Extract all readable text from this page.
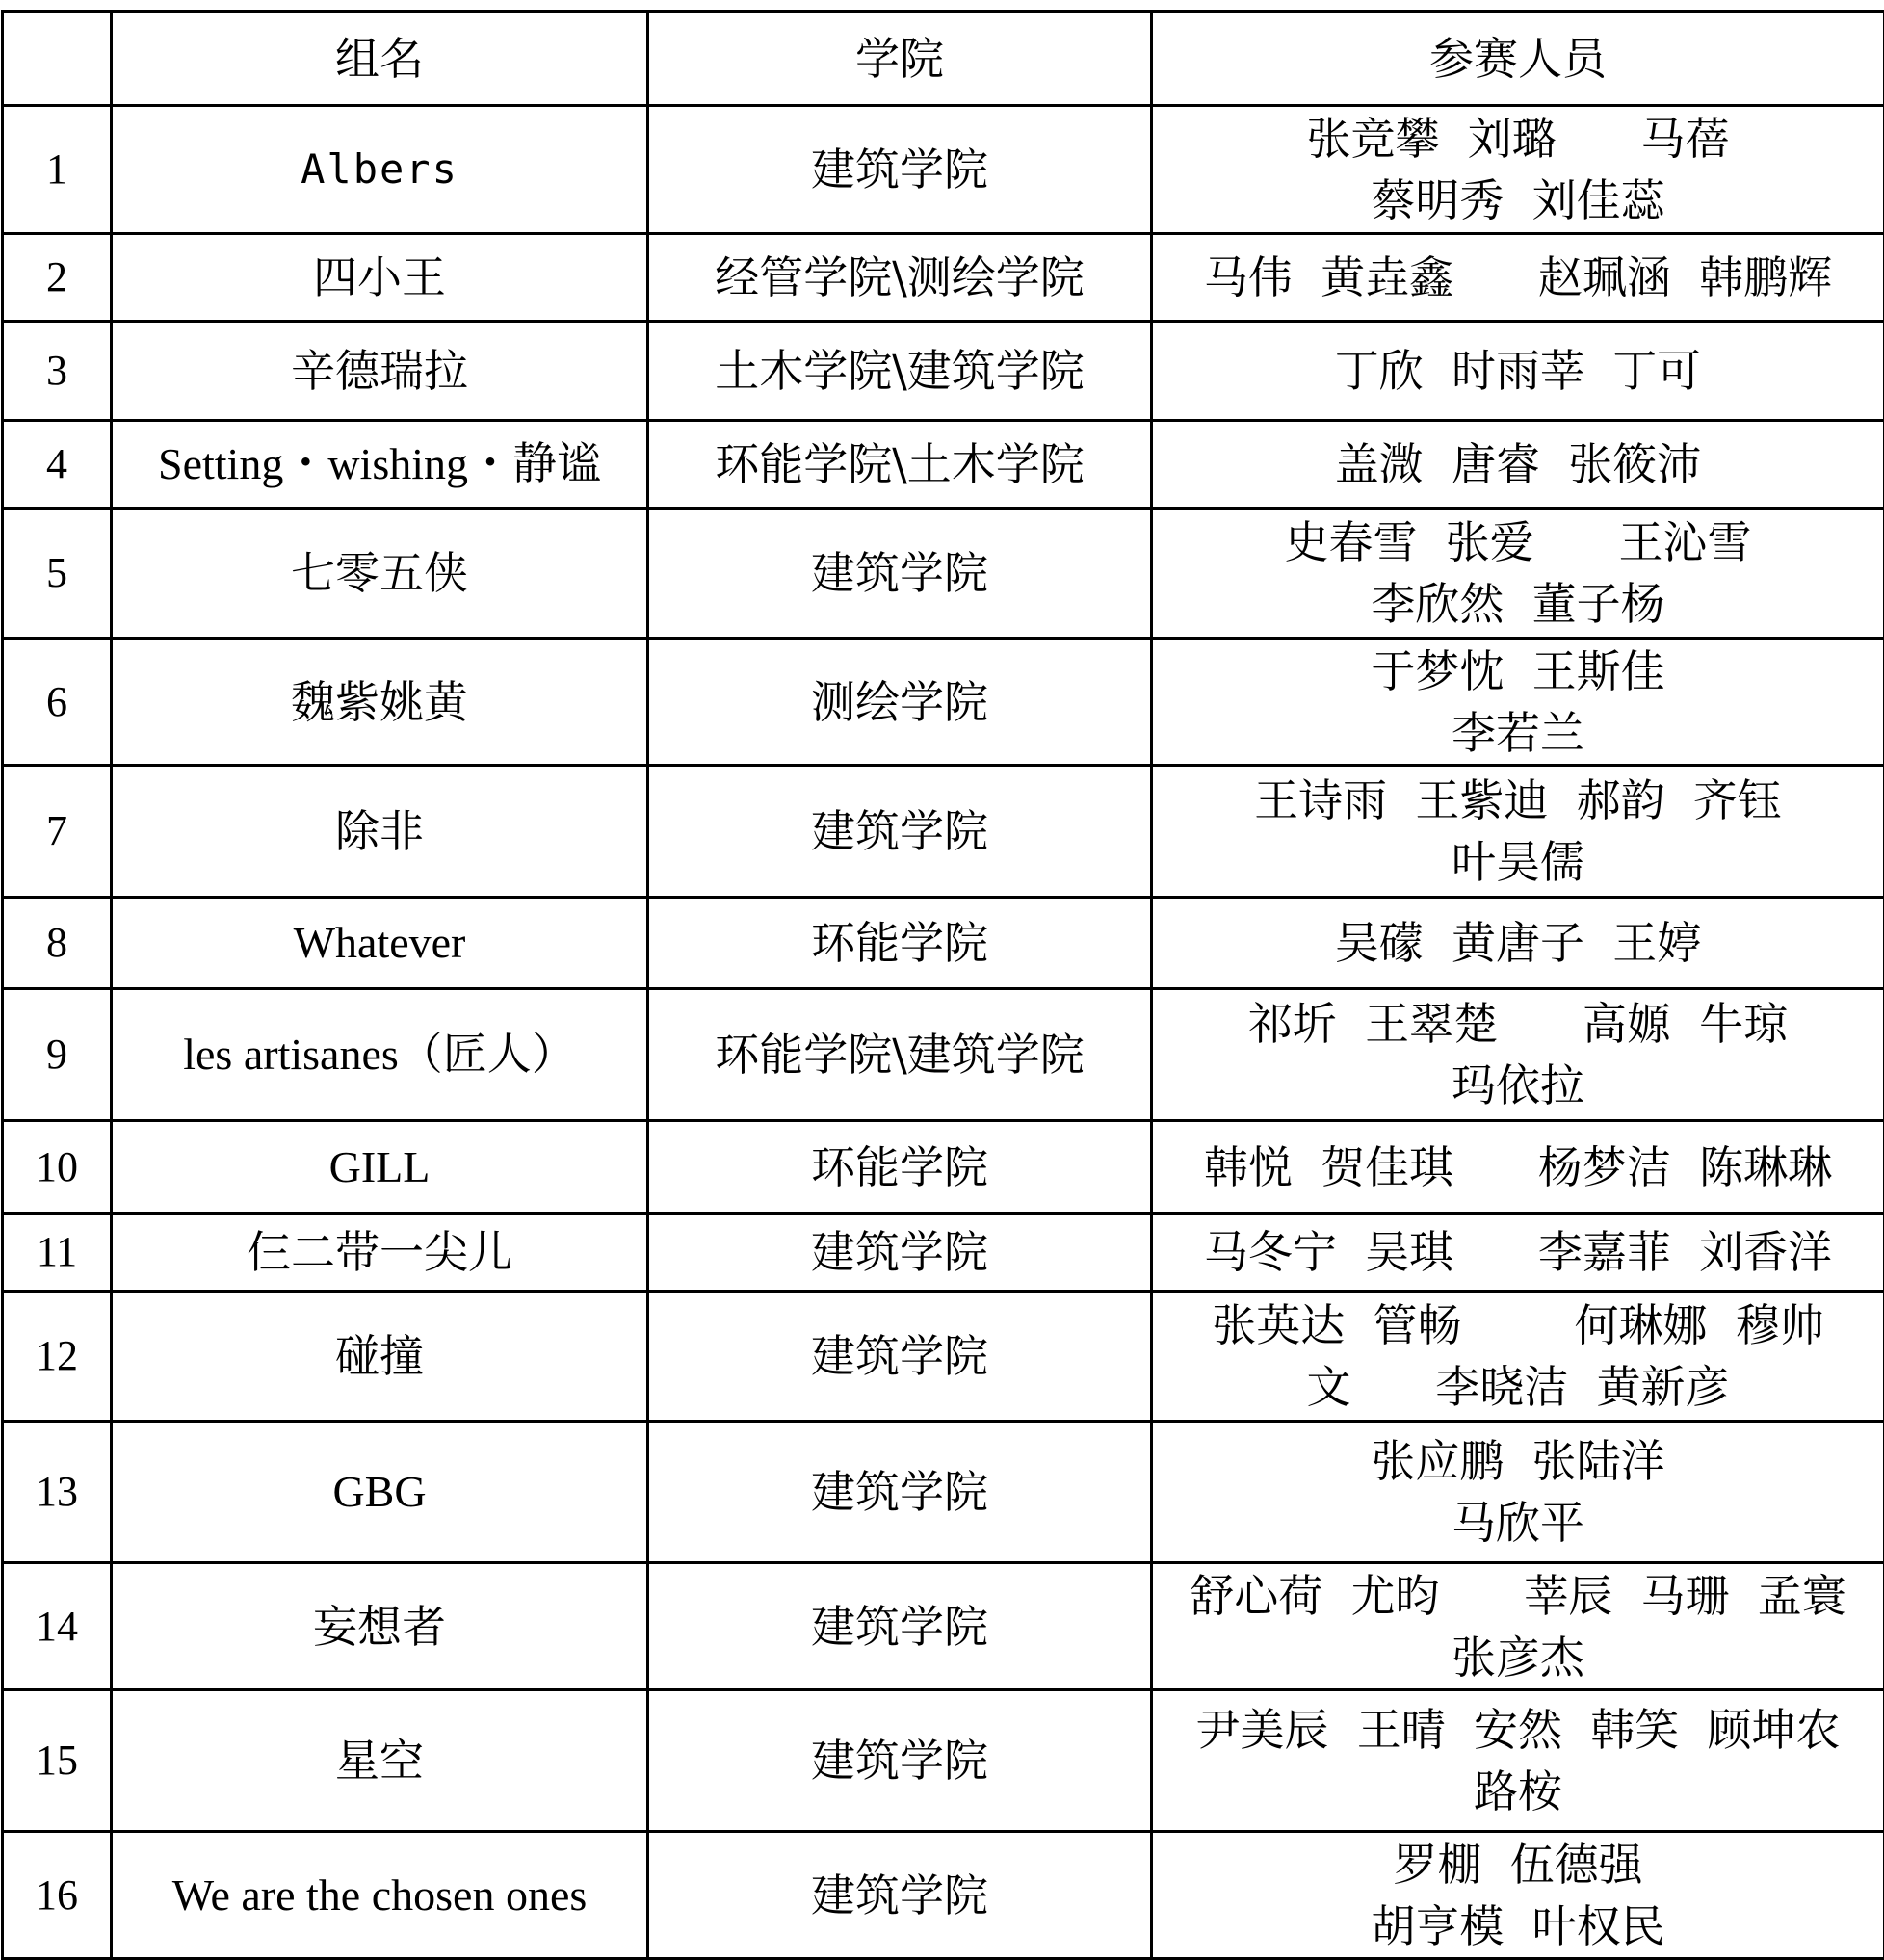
	组名	学院	参赛人员
1	Albers	建筑学院	张竞攀  刘璐      马蓓
蔡明秀  刘佳蕊
2	四小王	经管学院\测绘学院	马伟  黄垚鑫      赵珮涵  韩鹏辉
3	辛德瑞拉	土木学院\建筑学院	丁欣  时雨莘  丁可
4	Setting・wishing・静谧	环能学院\土木学院	盖溦  唐睿  张筱沛
5	七零五侠	建筑学院	史春雪  张爱      王沁雪
李欣然  董子杨
6	魏紫姚黄	测绘学院	于梦忱  王斯佳
李若兰
7	除非	建筑学院	王诗雨  王紫迪  郝韵  齐钰
叶昊儒
8	Whatever	环能学院	吴礞  黄唐子  王婷
9	les artisanes（匠人）	环能学院\建筑学院	祁圻  王翠楚      高嫄  牛琼
玛依拉
10	GILL	环能学院	韩悦  贺佳琪      杨梦洁  陈琳琳
11	仨二带一尖儿	建筑学院	马冬宁  吴琪      李嘉菲  刘香洋
12	碰撞	建筑学院	张英达  管畅        何琳娜  穆帅
文      李晓洁  黄新彦
13	GBG	建筑学院	张应鹏  张陆洋
马欣平
14	妄想者	建筑学院	舒心荷  尤昀      莘辰  马珊  孟寰
张彦杰
15	星空	建筑学院	尹美辰  王晴  安然  韩笑  顾坤农
路桉
16	We are the chosen ones	建筑学院	罗棚  伍德强
胡亨模  叶权民
